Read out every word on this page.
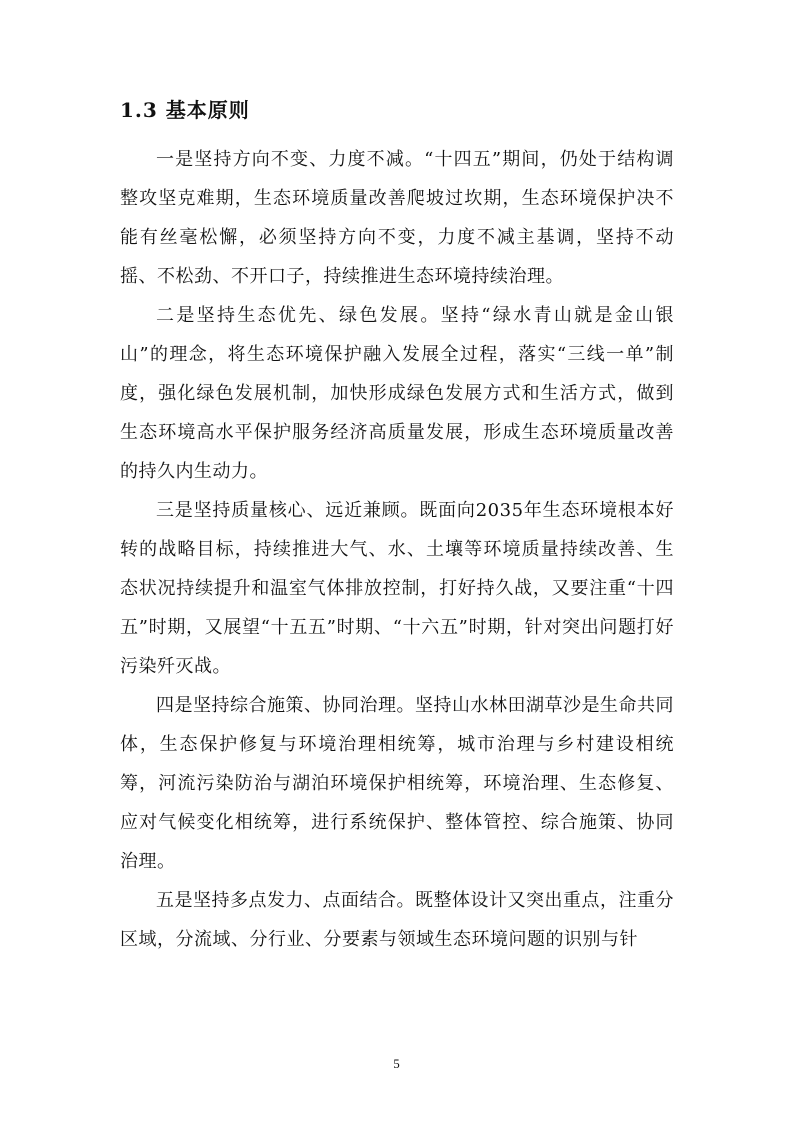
1.3 基本原则

一是坚持方向不变、力度不减。“十四五”期间，仍处于结构调整攻坚克难期，生态环境质量改善爬坡过坎期，生态环境保护决不能有丝毫松懈，必须坚持方向不变，力度不减主基调，坚持不动摇、不松劲、不开口子，持续推进生态环境持续治理。

二是坚持生态优先、绿色发展。坚持“绿水青山就是金山银山”的理念，将生态环境保护融入发展全过程，落实“三线一单”制度，强化绿色发展机制，加快形成绿色发展方式和生活方式，做到生态环境高水平保护服务经济高质量发展，形成生态环境质量改善的持久内生动力。

三是坚持质量核心、远近兼顾。既面向2035年生态环境根本好转的战略目标，持续推进大气、水、土壤等环境质量持续改善、生态状况持续提升和温室气体排放控制，打好持久战，又要注重“十四五”时期，又展望“十五五”时期、“十六五”时期，针对突出问题打好污染歼灭战。

四是坚持综合施策、协同治理。坚持山水林田湖草沙是生命共同体，生态保护修复与环境治理相统筹，城市治理与乡村建设相统筹，河流污染防治与湖泊环境保护相统筹，环境治理、生态修复、应对气候变化相统筹，进行系统保护、整体管控、综合施策、协同治理。

五是坚持多点发力、点面结合。既整体设计又突出重点，注重分区域，分流域、分行业、分要素与领域生态环境问题的识别与针

5
